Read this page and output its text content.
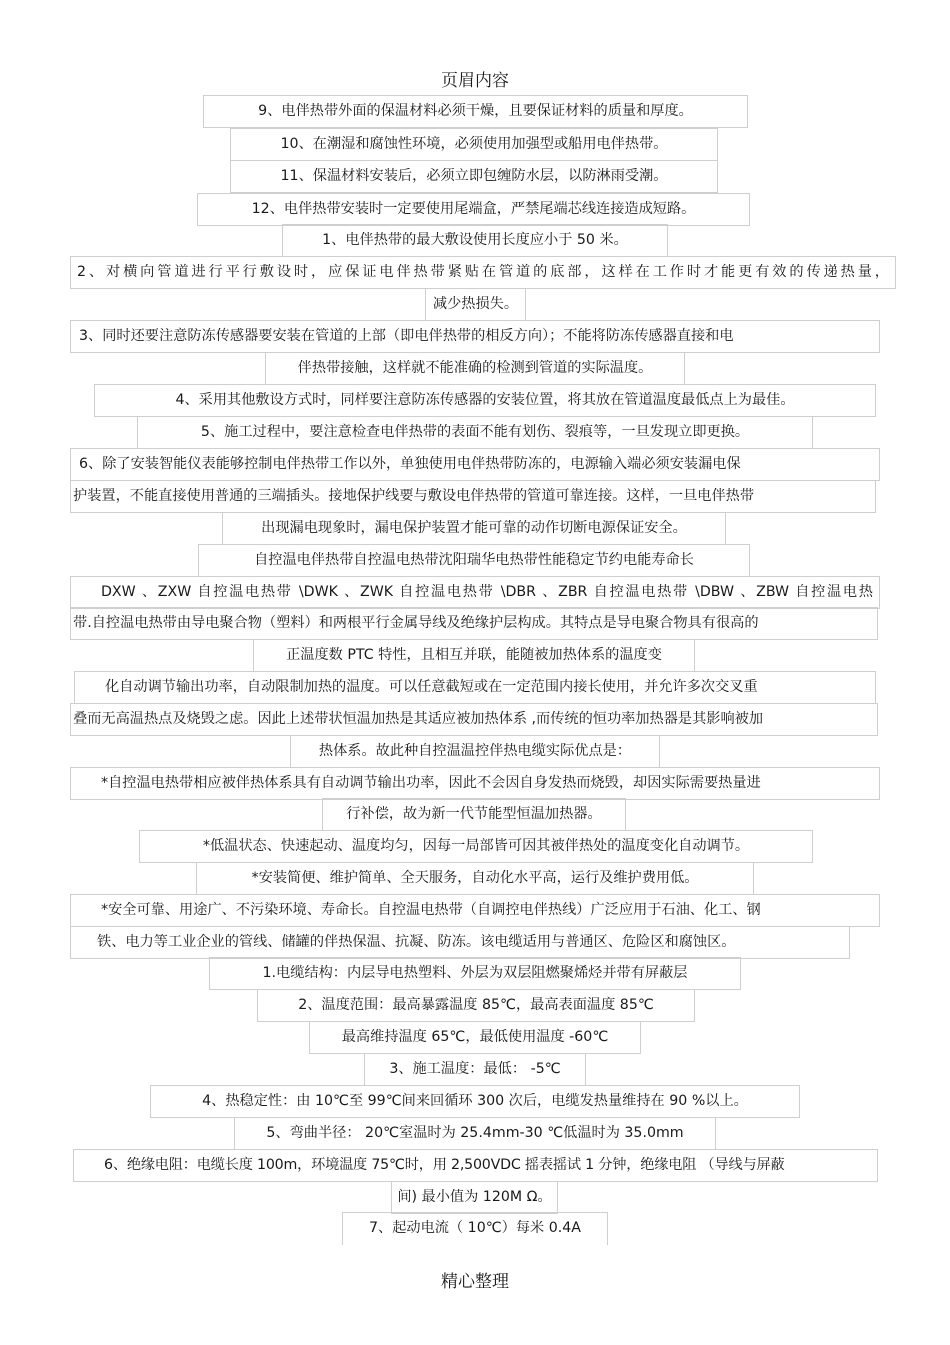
页眉内容
9、电伴热带外面的保温材料必须干燥，且要保证材料的质量和厚度。
10、在潮湿和腐蚀性环境，必须使用加强型或船用电伴热带。
11、保温材料安装后，必须立即包缠防水层，以防淋雨受潮。
12、电伴热带安装时一定要使用尾端盒，严禁尾端芯线连接造成短路。
1、电伴热带的最大敷设使用长度应小于 50 米。
2、对横向管道进行平行敷设时，应保证电伴热带紧贴在管道的底部，这样在工作时才能更有效的传递热量，
减少热损失。
3、同时还要注意防冻传感器要安装在管道的上部（即电伴热带的相反方向）；不能将防冻传感器直接和电
伴热带接触，这样就不能准确的检测到管道的实际温度。
4、采用其他敷设方式时，同样要注意防冻传感器的安装位置，将其放在管道温度最低点上为最佳。
5、施工过程中，要注意检查电伴热带的表面不能有划伤、裂痕等，一旦发现立即更换。
6、除了安装智能仪表能够控制电伴热带工作以外，单独使用电伴热带防冻的，电源输入端必须安装漏电保
护装置，不能直接使用普通的三端插头。接地保护线要与敷设电伴热带的管道可靠连接。这样，一旦电伴热带
出现漏电现象时，漏电保护装置才能可靠的动作切断电源保证安全。
自控温电伴热带自控温电热带沈阳瑞华电热带性能稳定节约电能寿命长
DXW 、ZXW 自控温电热带 \DWK 、ZWK 自控温电热带 \DBR 、ZBR 自控温电热带 \DBW 、ZBW 自控温电热
带.自控温电热带由导电聚合物（塑料）和两根平行金属导线及绝缘护层构成。其特点是导电聚合物具有很高的
正温度数 PTC 特性，且相互并联，能随被加热体系的温度变
化自动调节输出功率，自动限制加热的温度。可以任意截短或在一定范围内接长使用，并允许多次交叉重
叠而无高温热点及烧毁之虑。因此上述带状恒温加热是其适应被加热体系 ,而传统的恒功率加热器是其影响被加
热体系。故此种自控温温控伴热电缆实际优点是：
*自控温电热带相应被伴热体系具有自动调节输出功率，因此不会因自身发热而烧毁，却因实际需要热量进
行补偿，故为新一代节能型恒温加热器。
*低温状态、快速起动、温度均匀，因每一局部皆可因其被伴热处的温度变化自动调节。
*安装简便、维护简单、全天服务，自动化水平高，运行及维护费用低。
*安全可靠、用途广、不污染环境、寿命长。自控温电热带（自调控电伴热线）广泛应用于石油、化工、钢
铁、电力等工业企业的管线、储罐的伴热保温、抗凝、防冻。该电缆适用与普通区、危险区和腐蚀区。
1.电缆结构：内层导电热塑料、外层为双层阻燃聚烯烃并带有屏蔽层
2、温度范围：最高暴露温度 85℃，最高表面温度 85℃
最高维持温度 65℃，最低使用温度 -60℃
3、施工温度：最低： -5℃
4、热稳定性：由 10℃至 99℃间来回循环 300 次后，电缆发热量维持在 90 %以上。
5、弯曲半径： 20℃室温时为 25.4mm-30 ℃低温时为 35.0mm
6、绝缘电阻：电缆长度 100m，环境温度 75℃时，用 2,500VDC 摇表摇试 1 分钟，绝缘电阻 （导线与屏蔽
间) 最小值为 120M Ω。
7、起动电流（ 10℃）每米 0.4A
精心整理
